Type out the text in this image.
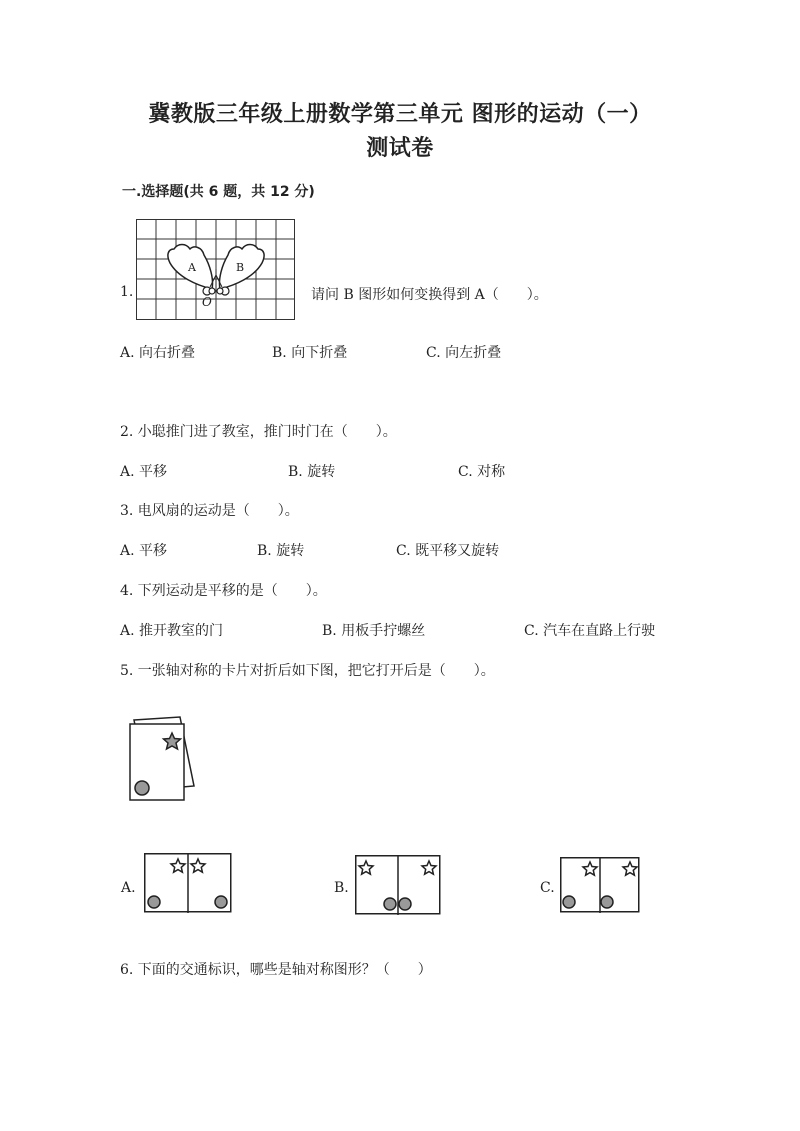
冀教版三年级上册数学第三单元 图形的运动（一）
测试卷
一.选择题(共 6 题，共 12 分)
1.
A	B
O	请问 B 图形如何变换得到 A（　　）。
A. 向右折叠	B. 向下折叠	C. 向左折叠
2. 小聪推门进了教室，推门时门在（　　）。
A. 平移	B. 旋转	C. 对称
3. 电风扇的运动是（　　）。
A. 平移	B. 旋转	C. 既平移又旋转
4. 下列运动是平移的是（　　）。
A. 推开教室的门	B. 用板手拧螺丝	C. 汽车在直路上行驶
5. 一张轴对称的卡片对折后如下图，把它打开后是（　　）。
A.	B.	C.
6. 下面的交通标识，哪些是轴对称图形？（　　）
